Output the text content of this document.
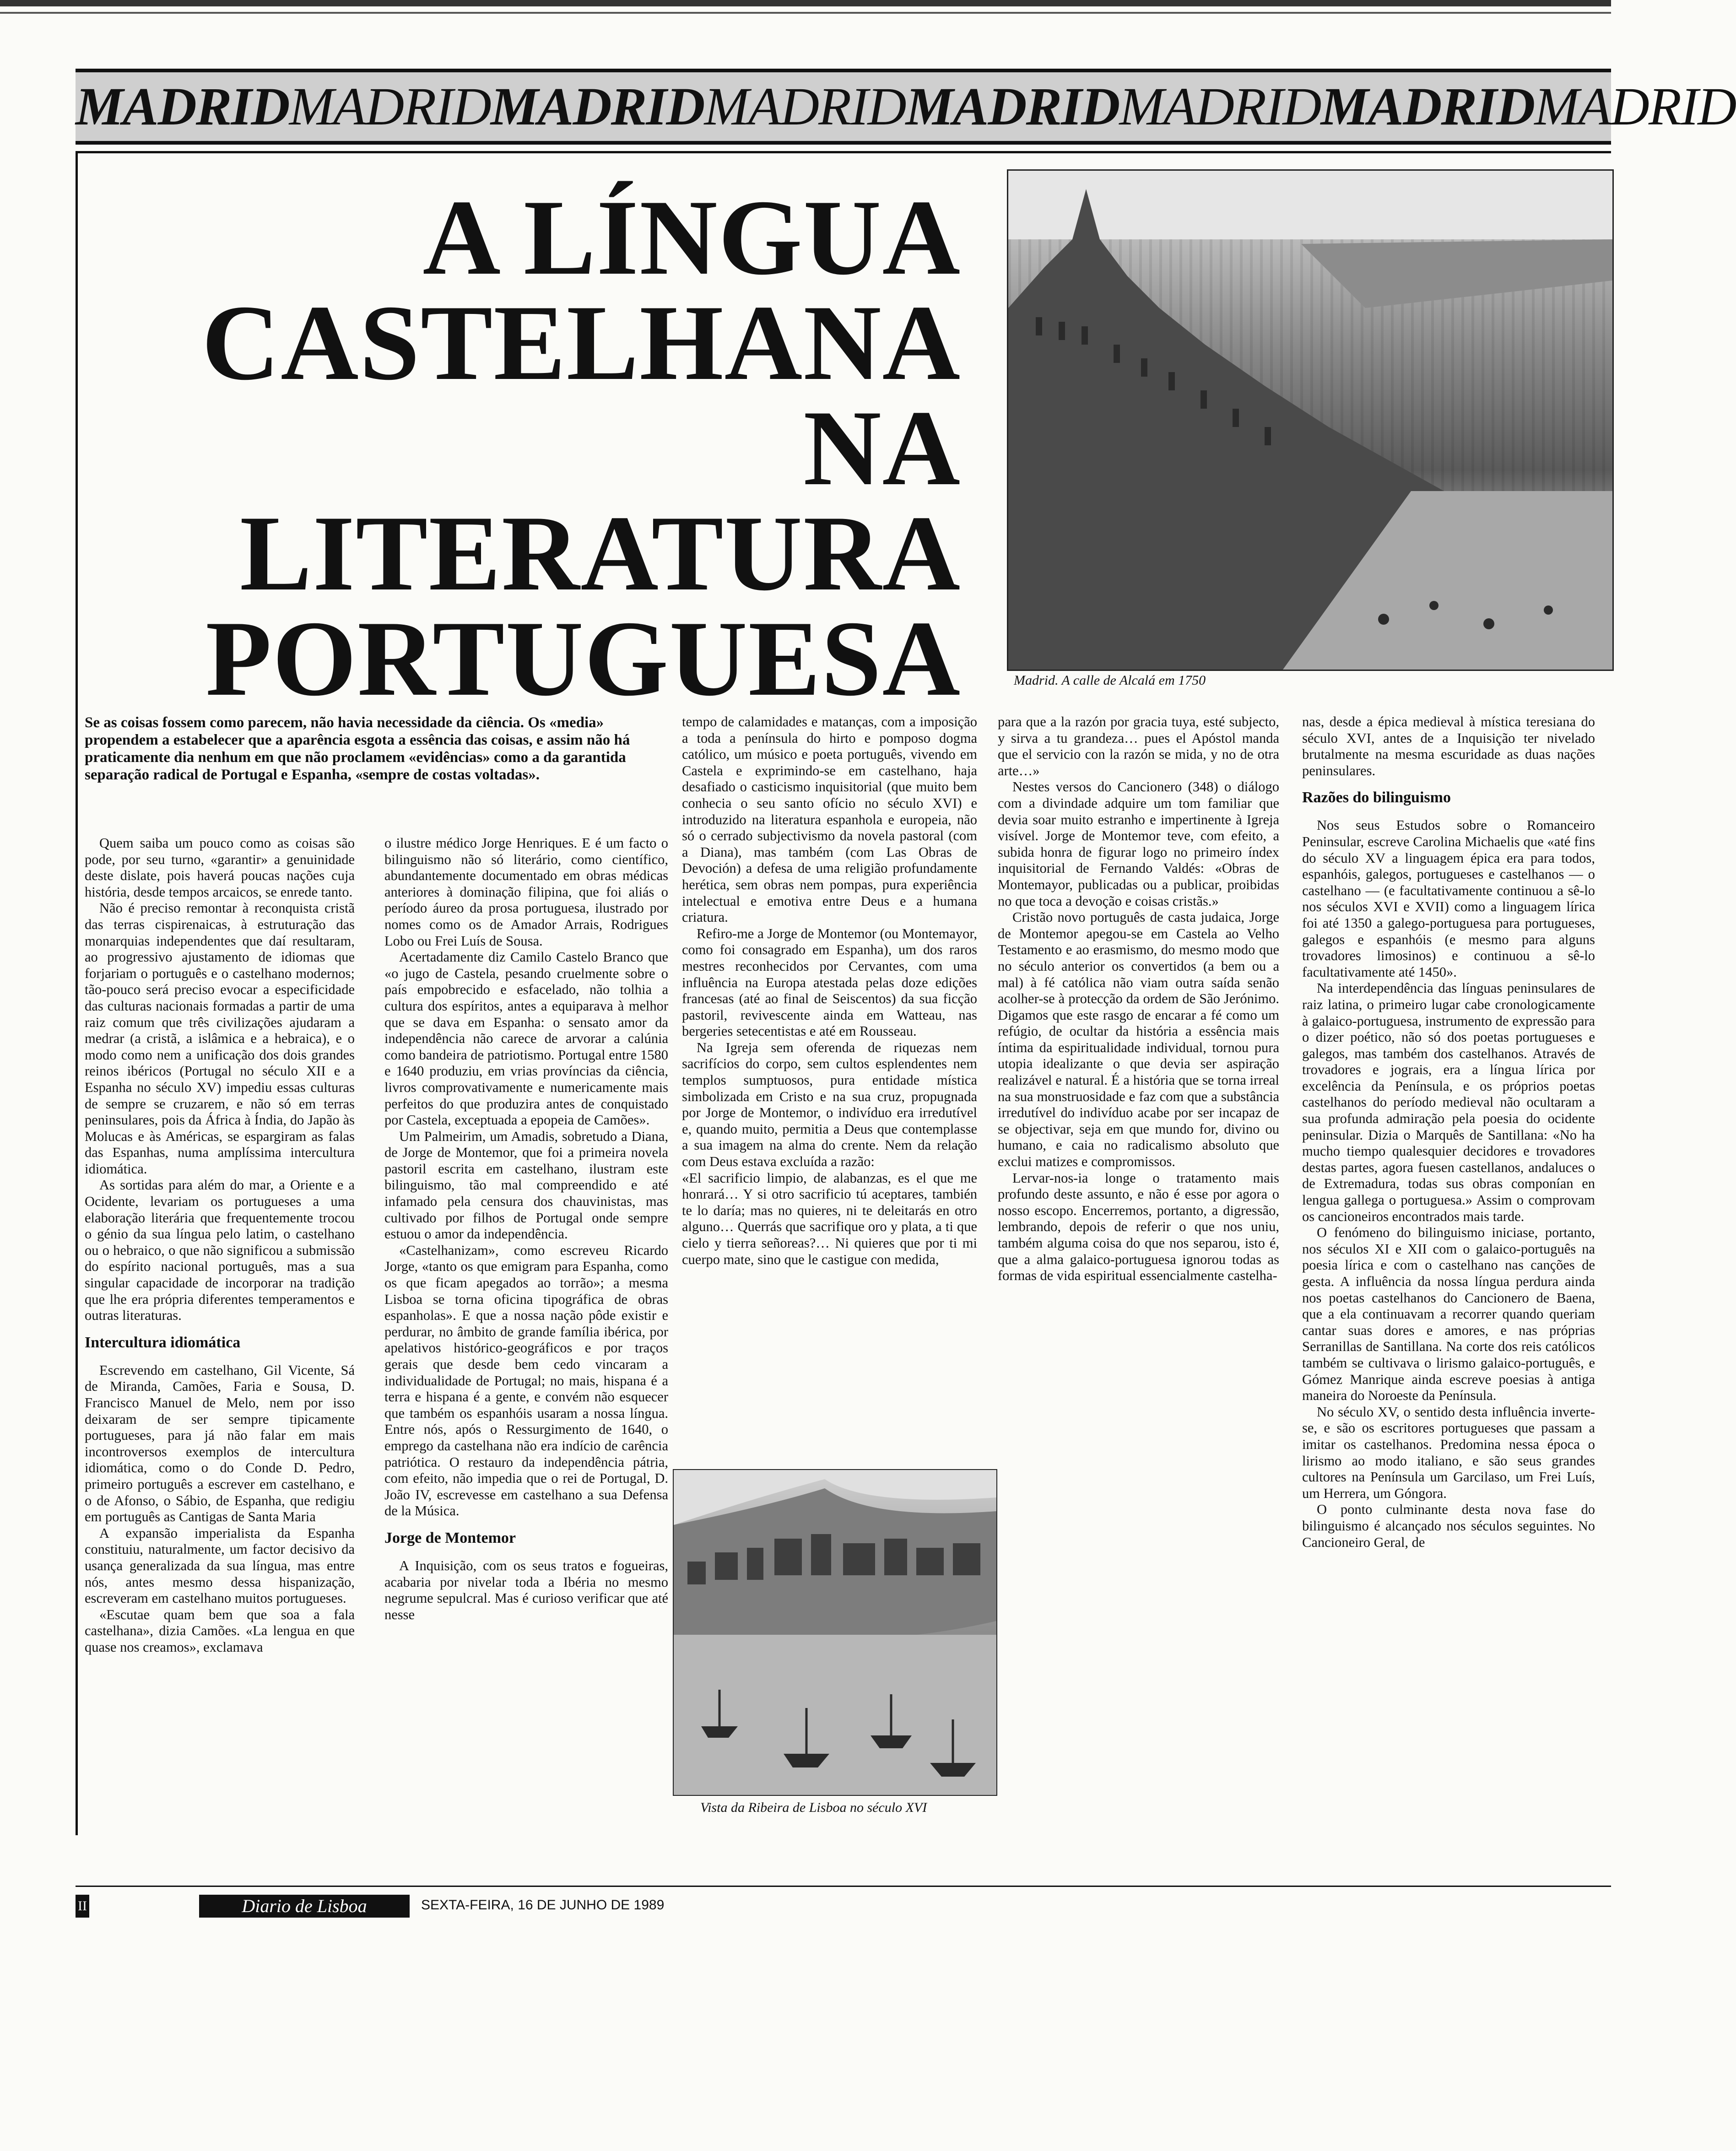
MADRIDMADRIDMADRIDMADRIDMADRIDMADRIDMADRIDMADRID
A LÍNGUA
CASTELHANA
NA
LITERATURA
PORTUGUESA	Madrid. A calle de Alcalá em 1750

Se as coisas fossem como parecem, não havia necessidade da ciência. Os «media» propendem a estabelecer que a aparência esgota a essência das coisas, e assim não há praticamente dia nenhum em que não proclamem «evidências» como a da garantida separação radical de Portugal e Espanha, «sempre de costas voltadas».

Quem saiba um pouco como as coisas são pode, por seu turno, «garantir» a genuinidade deste dislate, pois haverá poucas nações cuja história, desde tempos arcaicos, se enrede tanto.

Não é preciso remontar à reconquista cristã das terras cispirenaicas, à estruturação das monarquias independentes que daí resultaram, ao progressivo ajustamento de idiomas que forjariam o português e o castelhano modernos; tão-pouco será preciso evocar a especificidade das culturas nacionais formadas a partir de uma raiz comum que três civilizações ajudaram a medrar (a cristã, a islâmica e a hebraica), e o modo como nem a unificação dos dois grandes reinos ibéricos (Portugal no século XII e a Espanha no século XV) impediu essas culturas de sempre se cruzarem, e não só em terras peninsulares, pois da África à Índia, do Japão às Molucas e às Américas, se espargiram as falas das Espanhas, numa amplíssima intercultura idiomática.

As sortidas para além do mar, a Oriente e a Ocidente, levariam os portugueses a uma elaboração literária que frequentemente trocou o génio da sua língua pelo latim, o castelhano ou o hebraico, o que não significou a submissão do espírito nacional português, mas a sua singular capacidade de incorporar na tradição que lhe era própria diferentes temperamentos e outras literaturas.

Intercultura idiomática

Escrevendo em castelhano, Gil Vicente, Sá de Miranda, Camões, Faria e Sousa, D. Francisco Manuel de Melo, nem por isso deixaram de ser sempre tipicamente portugueses, para já não falar em mais incontroversos exemplos de intercultura idiomática, como o do Conde D. Pedro, primeiro português a escrever em castelhano, e o de Afonso, o Sábio, de Espanha, que redigiu em português as Cantigas de Santa Maria

A expansão imperialista da Espanha constituiu, naturalmente, um factor decisivo da usança generalizada da sua língua, mas entre nós, antes mesmo dessa hispanização, escreveram em castelhano muitos portugueses.

«Escutae quam bem que soa a fala castelhana», dizia Camões. «La lengua en que quase nos creamos», exclamava

o ilustre médico Jorge Henriques. E é um facto o bilinguismo não só literário, como científico, abundantemente documentado em obras médicas anteriores à dominação filipina, que foi aliás o período áureo da prosa portuguesa, ilustrado por nomes como os de Amador Arrais, Rodrigues Lobo ou Frei Luís de Sousa.

Acertadamente diz Camilo Castelo Branco que «o jugo de Castela, pesando cruelmente sobre o país empobrecido e esfacelado, não tolhia a cultura dos espíritos, antes a equiparava à melhor que se dava em Espanha: o sensato amor da independência não carece de arvorar a calúnia como bandeira de patriotismo. Portugal entre 1580 e 1640 produziu, em vrias províncias da ciência, livros comprovativamente e numericamente mais perfeitos do que produzira antes de conquistado por Castela, exceptuada a epopeia de Camões».

Um Palmeirim, um Amadis, sobretudo a Diana, de Jorge de Montemor, que foi a primeira novela pastoril escrita em castelhano, ilustram este bilinguismo, tão mal compreendido e até infamado pela censura dos chauvinistas, mas cultivado por filhos de Portugal onde sempre estuou o amor da independência.

«Castelhanizam», como escreveu Ricardo Jorge, «tanto os que emigram para Espanha, como os que ficam apegados ao torrão»; a mesma Lisboa se torna oficina tipográfica de obras espanholas». E que a nossa nação pôde existir e perdurar, no âmbito de grande família ibérica, por apelativos histórico-geográficos e por traços gerais que desde bem cedo vincaram a individualidade de Portugal; no mais, hispana é a terra e hispana é a gente, e convém não esquecer que também os espanhóis usaram a nossa língua. Entre nós, após o Ressurgimento de 1640, o emprego da castelhana não era indício de carência patriótica. O restauro da independência pátria, com efeito, não impedia que o rei de Portugal, D. João IV, escrevesse em castelhano a sua Defensa de la Música.

Jorge de Montemor

A Inquisição, com os seus tratos e fogueiras, acabaria por nivelar toda a Ibéria no mesmo negrume sepulcral. Mas é curioso verificar que até nesse

tempo de calamidades e matanças, com a imposição a toda a península do hirto e pomposo dogma católico, um músico e poeta português, vivendo em Castela e exprimindo-se em castelhano, haja desafiado o casticismo inquisitorial (que muito bem conhecia o seu santo ofício no século XVI) e introduzido na literatura espanhola e europeia, não só o cerrado subjectivismo da novela pastoral (com a Diana), mas também (com Las Obras de Devoción) a defesa de uma religião profundamente herética, sem obras nem pompas, pura experiência intelectual e emotiva entre Deus e a humana criatura.

Refiro-me a Jorge de Montemor (ou Montemayor, como foi consagrado em Espanha), um dos raros mestres reconhecidos por Cervantes, com uma influência na Europa atestada pelas doze edições francesas (até ao final de Seiscentos) da sua ficção pastoril, revivescente ainda em Watteau, nas bergeries setecentistas e até em Rousseau.

Na Igreja sem oferenda de riquezas nem sacrifícios do corpo, sem cultos esplendentes nem templos sumptuosos, pura entidade mística simbolizada em Cristo e na sua cruz, propugnada por Jorge de Montemor, o indivíduo era irredutível e, quando muito, permitia a Deus que contemplasse a sua imagem na alma do crente. Nem da relação com Deus estava excluída a razão:

«El sacrificio limpio, de alabanzas, es el que me honrará… Y si otro sacrificio tú aceptares, también te lo daría; mas no quieres, ni te deleitarás en otro alguno… Querrás que sacrifique oro y plata, a ti que cielo y tierra señoreas?… Ni quieres que por ti mi cuerpo mate, sino que le castigue con medida,

para que a la razón por gracia tuya, esté subjecto, y sirva a tu grandeza… pues el Apóstol manda que el servicio con la razón se mida, y no de otra arte…»

Nestes versos do Cancionero (348) o diálogo com a divindade adquire um tom familiar que devia soar muito estranho e impertinente à Igreja visível. Jorge de Montemor teve, com efeito, a subida honra de figurar logo no primeiro índex inquisitorial de Fernando Valdés: «Obras de Montemayor, publicadas ou a publicar, proibidas no que toca a devoção e coisas cristãs.»

Cristão novo português de casta judaica, Jorge de Montemor apegou-se em Castela ao Velho Testamento e ao erasmismo, do mesmo modo que no século anterior os convertidos (a bem ou a mal) à fé católica não viam outra saída senão acolher-se à protecção da ordem de São Jerónimo. Digamos que este rasgo de encarar a fé como um refúgio, de ocultar da história a essência mais íntima da espiritualidade individual, tornou pura utopia idealizante o que devia ser aspiração realizável e natural. É a história que se torna irreal na sua monstruosidade e faz com que a substância irredutível do indivíduo acabe por ser incapaz de se objectivar, seja em que mundo for, divino ou humano, e caia no radicalismo absoluto que exclui matizes e compromissos.

Lervar-nos-ia longe o tratamento mais profundo deste assunto, e não é esse por agora o nosso escopo. Encerremos, portanto, a digressão, lembrando, depois de referir o que nos uniu, também alguma coisa do que nos separou, isto é, que a alma galaico-portuguesa ignorou todas as formas de vida espiritual essencialmente castelha-

nas, desde a épica medieval à mística teresiana do século XVI, antes de a Inquisição ter nivelado brutalmente na mesma escuridade as duas nações peninsulares.

Razões do bilinguismo

Nos seus Estudos sobre o Romanceiro Peninsular, escreve Carolina Michaelis que «até fins do século XV a linguagem épica era para todos, espanhóis, galegos, portugueses e castelhanos — o castelhano — (e facultativamente continuou a sê-lo nos séculos XVI e XVII) como a linguagem lírica foi até 1350 a galego-portuguesa para portugueses, galegos e espanhóis (e mesmo para alguns trovadores limosinos) e continuou a sê-lo facultativamente até 1450».

Na interdependência das línguas peninsulares de raiz latina, o primeiro lugar cabe cronologicamente à galaico-portuguesa, instrumento de expressão para o dizer poético, não só dos poetas portugueses e galegos, mas também dos castelhanos. Através de trovadores e jograis, era a língua lírica por excelência da Península, e os próprios poetas castelhanos do período medieval não ocultaram a sua profunda admiração pela poesia do ocidente peninsular. Dizia o Marquês de Santillana: «No ha mucho tiempo qualesquier decidores e trovadores destas partes, agora fuesen castellanos, andaluces o de Extremadura, todas sus obras componían en lengua gallega o portuguesa.» Assim o comprovam os cancioneiros encontrados mais tarde.

O fenómeno do bilinguismo iniciase, portanto, nos séculos XI e XII com o galaico-português na poesia lírica e com o castelhano nas canções de gesta. A influência da nossa língua perdura ainda nos poetas castelhanos do Cancionero de Baena, que a ela continuavam a recorrer quando queriam cantar suas dores e amores, e nas próprias Serranillas de Santillana. Na corte dos reis católicos também se cultivava o lirismo galaico-português, e Gómez Manrique ainda escreve poesias à antiga maneira do Noroeste da Península.

No século XV, o sentido desta influência inverte-se, e são os escritores portugueses que passam a imitar os castelhanos. Predomina nessa época o lirismo ao modo italiano, e são seus grandes cultores na Península um Garcilaso, um Frei Luís, um Herrera, um Góngora.

O ponto culminante desta nova fase do bilinguismo é alcançado nos séculos seguintes. No Cancioneiro Geral, de

Vista da Ribeira de Lisboa no século XVI
II	Diario de Lisboa	SEXTA-FEIRA, 16 DE JUNHO DE 1989
